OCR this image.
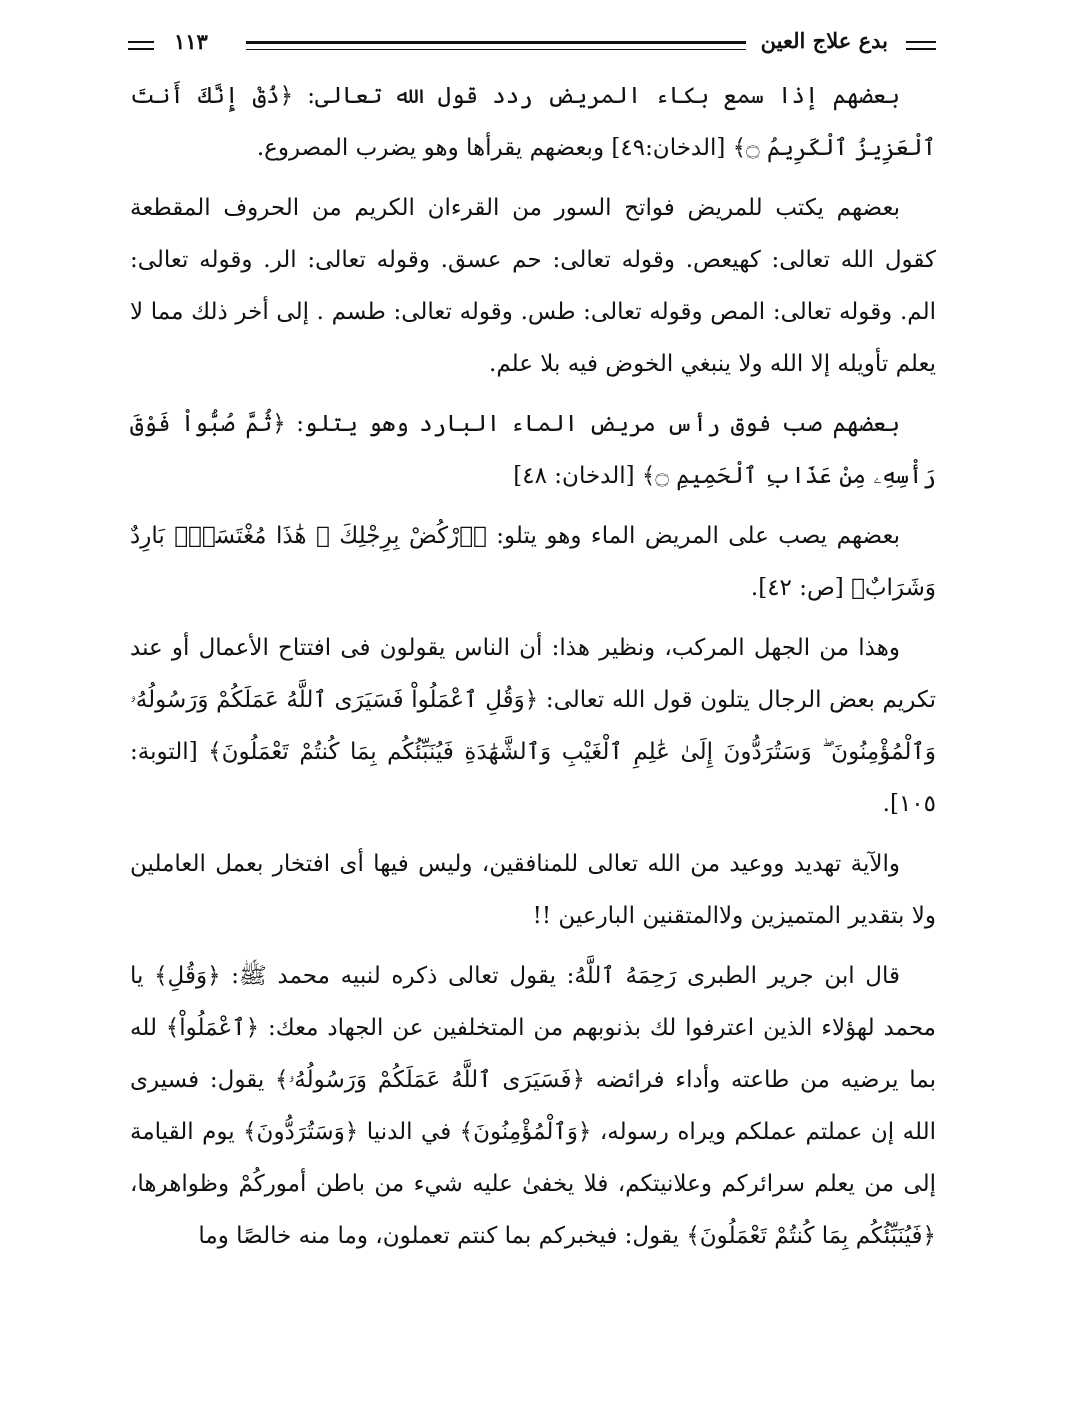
بدع علاج العين
١١٣

بعضهم إذا سمع بكاء المريض ردد قول الله تعالى: ﴿ذُقْ إِنَّكَ أَنتَ ٱلْعَزِيزُ ٱلْكَرِيمُ ۝﴾ [الدخان:٤٩] وبعضهم يقرأها وهو يضرب المصروع.

بعضهم يكتب للمريض فواتح السور من القرءان الكريم من الحروف المقطعة كقول الله تعالى: كهيعص. وقوله تعالى: حم عسق. وقوله تعالى: الر. وقوله تعالى: الم. وقوله تعالى: المص وقوله تعالى: طس. وقوله تعالى: طسم . إلى أخر ذلك مما لا يعلم تأويله إلا الله ولا ينبغي الخوض فيه بلا علم.

بعضهم صب فوق رأس مريض الماء البارد وهو يتلو: ﴿ثُمَّ صُبُّواْ فَوْقَ رَأْسِهِۦ مِنْ عَذَابِ ٱلْحَمِيمِ ۝﴾ [الدخان: ٤٨]

بعضهم يصب على المريض الماء وهو يتلو: ﴿ٱرْكُضْ بِرِجْلِكَ ۖ هَٰذَا مُغْتَسَلٌۢ بَارِدٌ وَشَرَابٌ﴾ [ص: ٤٢].

وهذا من الجهل المركب، ونظير هذا: أن الناس يقولون فى افتتاح الأعمال أو عند تكريم بعض الرجال يتلون قول الله تعالى: ﴿وَقُلِ ٱعْمَلُواْ فَسَيَرَى ٱللَّهُ عَمَلَكُمْ وَرَسُولُهُۥ وَٱلْمُؤْمِنُونَ ۖ وَسَتُرَدُّونَ إِلَىٰ عَٰلِمِ ٱلْغَيْبِ وَٱلشَّهَٰدَةِ فَيُنَبِّئُكُم بِمَا كُنتُمْ تَعْمَلُونَ﴾ [التوبة: ١٠٥].

والآية تهديد ووعيد من الله تعالى للمنافقين، وليس فيها أى افتخار بعمل العاملين ولا بتقدير المتميزين ولاالمتقنين البارعين !!

قال ابن جرير الطبرى رَحِمَهُ ٱللَّهُ: يقول تعالى ذكره لنبيه محمد ﷺ: ﴿وَقُلِ﴾ يا محمد لهؤلاء الذين اعترفوا لك بذنوبهم من المتخلفين عن الجهاد معك: ﴿ٱعْمَلُواْ﴾ لله بما يرضيه من طاعته وأداء فرائضه ﴿فَسَيَرَى ٱللَّهُ عَمَلَكُمْ وَرَسُولُهُۥ﴾ يقول: فسيرى الله إن عملتم عملكم ويراه رسوله، ﴿وَٱلْمُؤْمِنُونَ﴾ في الدنيا ﴿وَسَتُرَدُّونَ﴾ يوم القيامة إلى من يعلم سرائركم وعلانيتكم، فلا يخفىٰ عليه شيء من باطن أموركُمْ وظواهرها، ﴿فَيُنَبِّئُكُم بِمَا كُنتُمْ تَعْمَلُونَ﴾ يقول: فيخبركم بما كنتم تعملون، وما منه خالصًا وما
